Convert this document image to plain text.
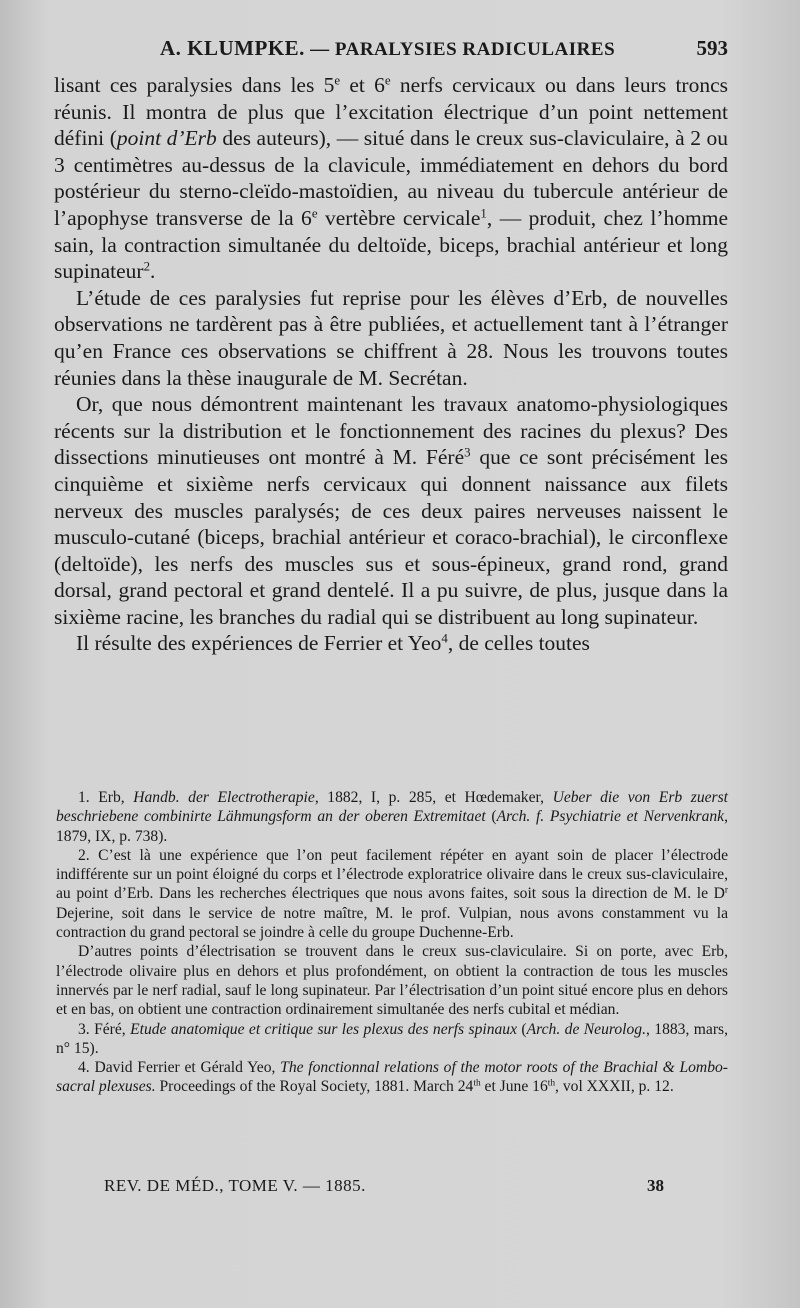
A. KLUMPKE. — PARALYSIES RADICULAIRES	593

lisant ces paralysies dans les 5e et 6e nerfs cervicaux ou dans leurs troncs réunis. Il montra de plus que l’excitation électrique d’un point nettement défini (point d’Erb des auteurs), — situé dans le creux sus-claviculaire, à 2 ou 3 centimètres au-dessus de la clavicule, immédiatement en dehors du bord postérieur du sterno-cleïdo-mastoïdien, au niveau du tubercule antérieur de l’apophyse transverse de la 6e vertèbre cervicale$^1$, — produit, chez l’homme sain, la contraction simultanée du deltoïde, biceps, brachial antérieur et long supinateur$^2$.

L’étude de ces paralysies fut reprise pour les élèves d’Erb, de nouvelles observations ne tardèrent pas à être publiées, et actuellement tant à l’étranger qu’en France ces observations se chiffrent à 28. Nous les trouvons toutes réunies dans la thèse inaugurale de M. Secrétan.

Or, que nous démontrent maintenant les travaux anatomo-physiologiques récents sur la distribution et le fonctionnement des racines du plexus? Des dissections minutieuses ont montré à M. Féré$^3$ que ce sont précisément les cinquième et sixième nerfs cervicaux qui donnent naissance aux filets nerveux des muscles paralysés; de ces deux paires nerveuses naissent le musculo-cutané (biceps, brachial antérieur et coraco-brachial), le circonflexe (deltoïde), les nerfs des muscles sus et sous-épineux, grand rond, grand dorsal, grand pectoral et grand dentelé. Il a pu suivre, de plus, jusque dans la sixième racine, les branches du radial qui se distribuent au long supinateur.

Il résulte des expériences de Ferrier et Yeo$^4$, de celles toutes

1. Erb, Handb. der Electrotherapie, 1882, I, p. 285, et Hœdemaker, Ueber die von Erb zuerst beschriebene combinirte Lähmungsform an der oberen Extremitaet (Arch. f. Psychiatrie et Nervenkrank, 1879, IX, p. 738).

2. C’est là une expérience que l’on peut facilement répéter en ayant soin de placer l’électrode indifférente sur un point éloigné du corps et l’électrode exploratrice olivaire dans le creux sus-claviculaire, au point d’Erb. Dans les recherches électriques que nous avons faites, soit sous la direction de M. le $D^r$ Dejerine, soit dans le service de notre maître, M. le prof. Vulpian, nous avons constamment vu la contraction du grand pectoral se joindre à celle du groupe Duchenne-Erb.

D’autres points d’électrisation se trouvent dans le creux sus-claviculaire. Si on porte, avec Erb, l’électrode olivaire plus en dehors et plus profondément, on obtient la contraction de tous les muscles innervés par le nerf radial, sauf le long supinateur. Par l’électrisation d’un point situé encore plus en dehors et en bas, on obtient une contraction ordinairement simultanée des nerfs cubital et médian.

3. Féré, Etude anatomique et critique sur les plexus des nerfs spinaux (Arch. de Neurolog., 1883, mars, n° 15).

4. David Ferrier et Gérald Yeo, The fonctionnal relations of the motor roots of the Brachial & Lombo-sacral plexuses. Proceedings of the Royal Society, 1881. March 24th et June 16th, vol XXXII, p. 12.

REV. DE MÉD., TOME V. — 1885.	38
